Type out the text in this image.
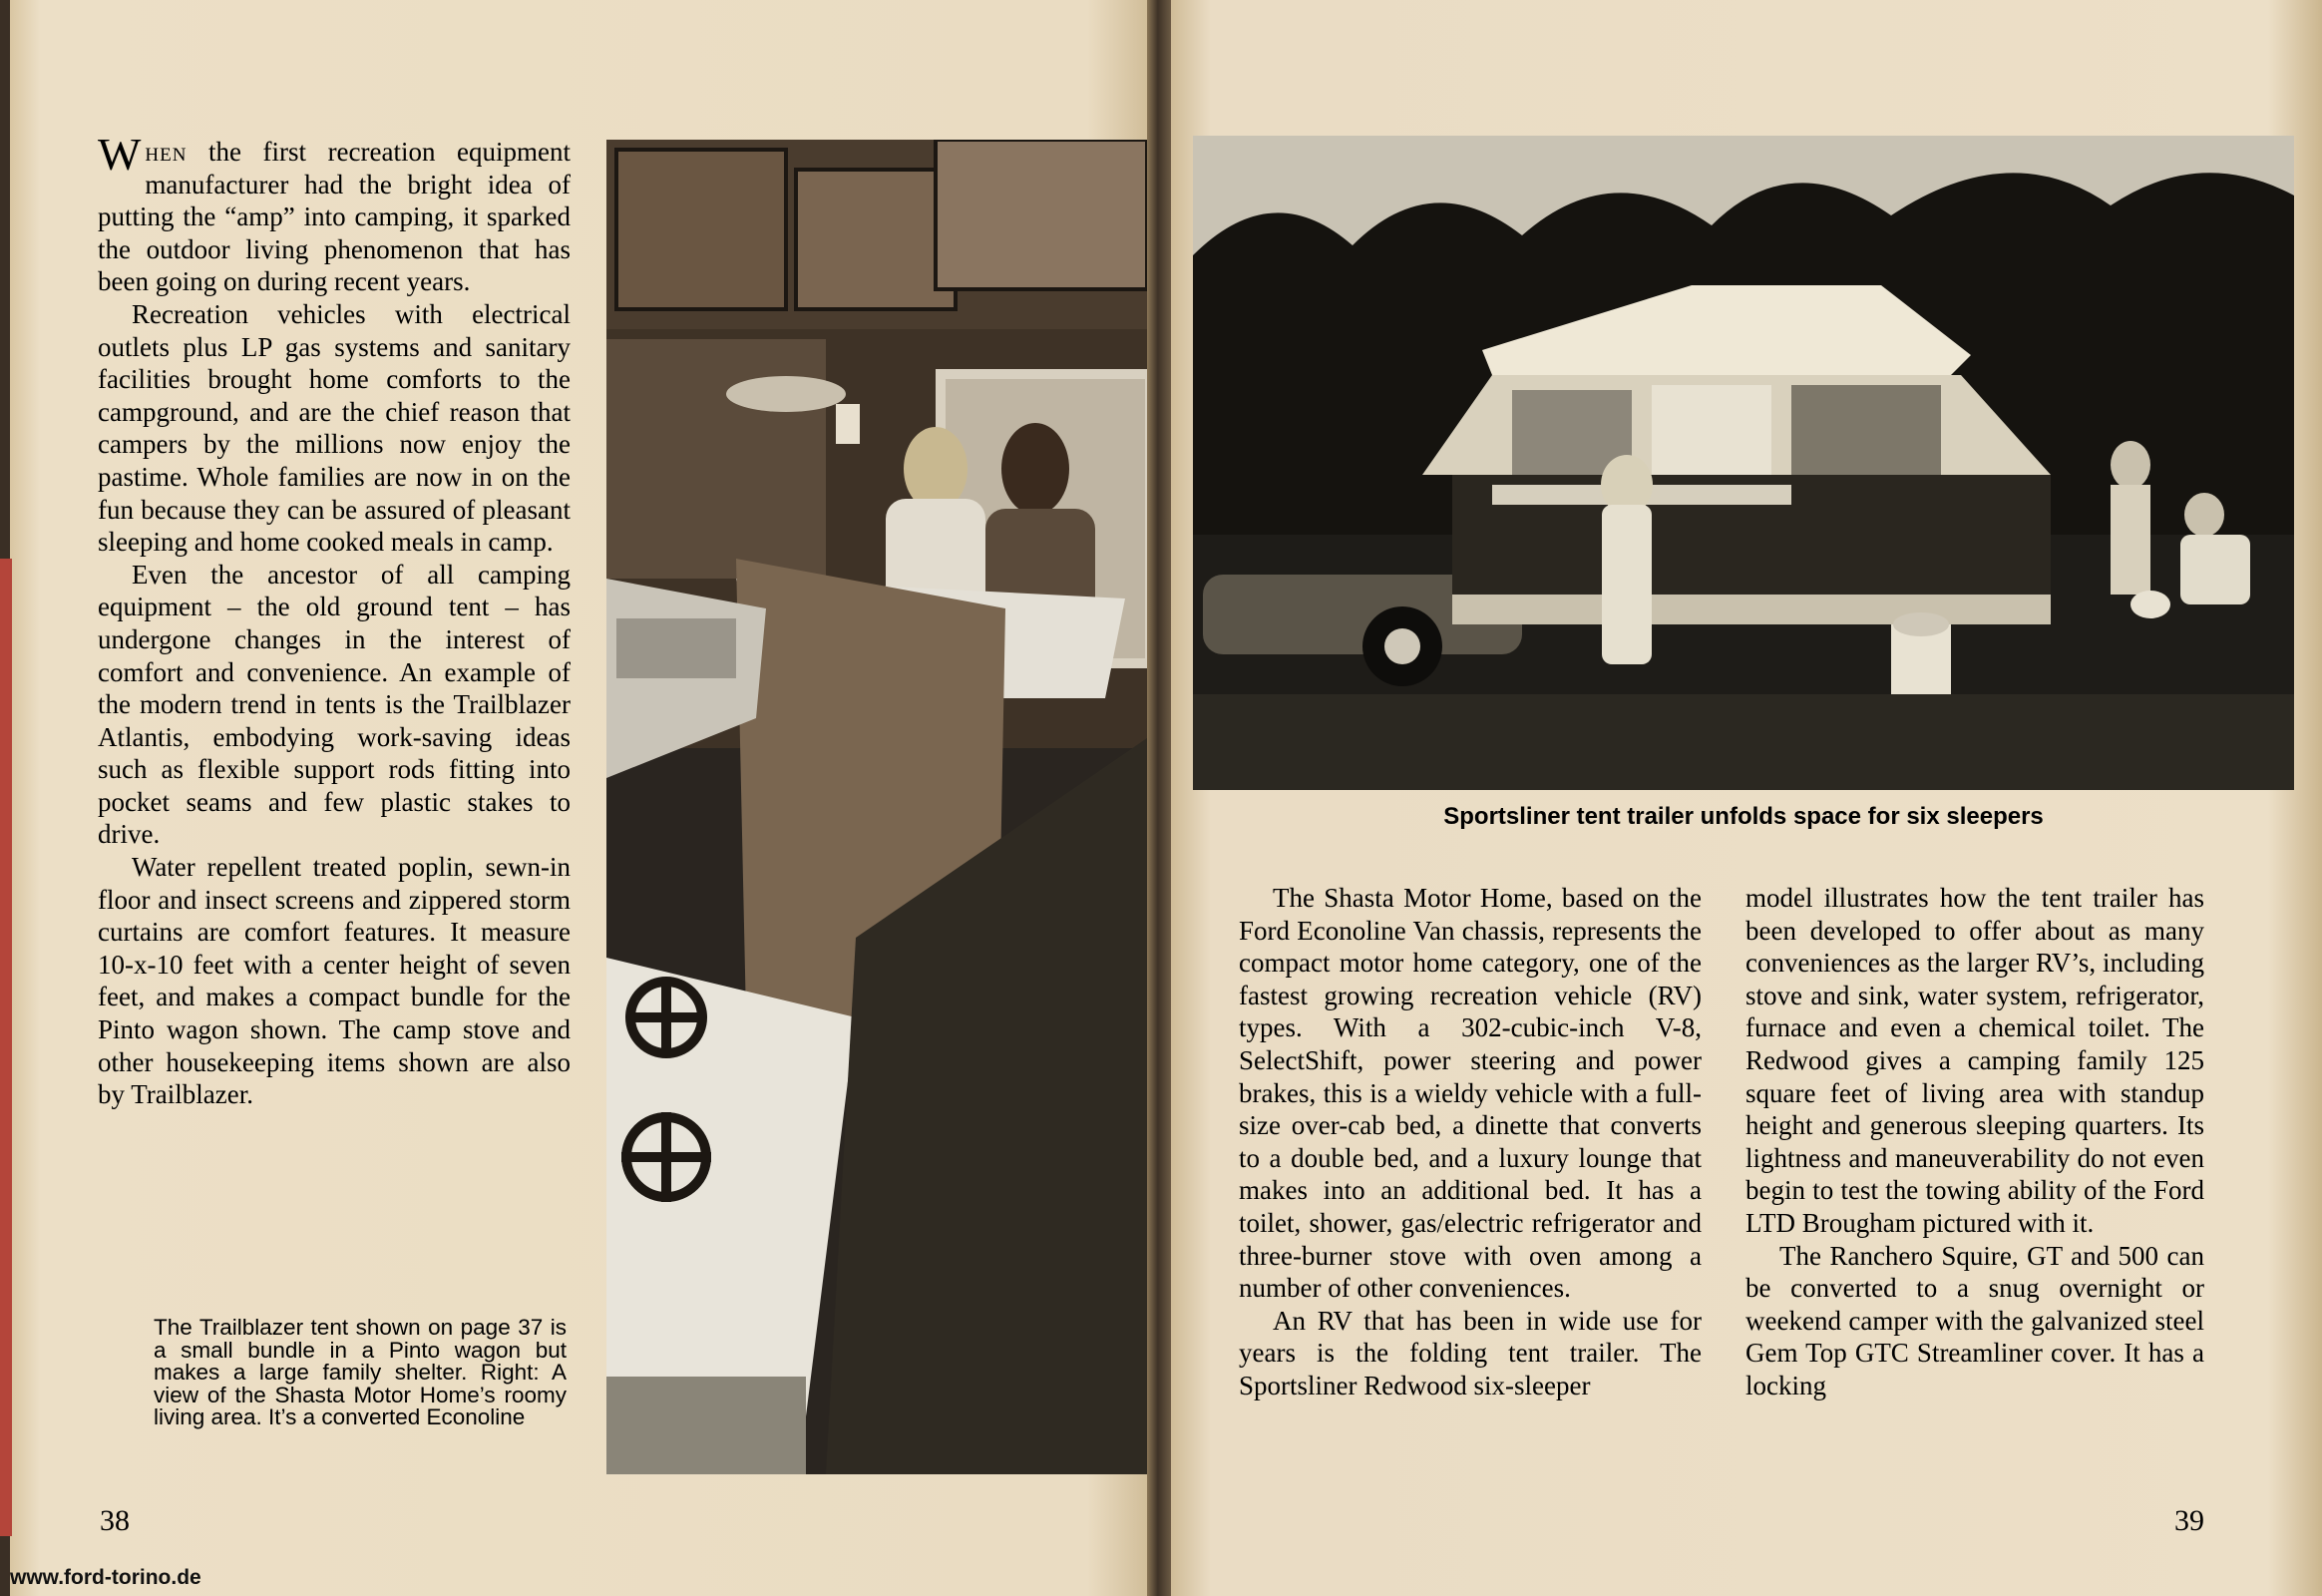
When the first recreation equipment manufacturer had the bright idea of putting the “amp” into camping, it sparked the outdoor living phenomenon that has been going on during recent years.

Recreation vehicles with electrical outlets plus LP gas systems and sanitary facilities brought home comforts to the campground, and are the chief reason that campers by the millions now enjoy the pastime. Whole families are now in on the fun because they can be assured of pleasant sleeping and home cooked meals in camp.

Even the ancestor of all camping equipment – the old ground tent – has undergone changes in the interest of comfort and convenience. An example of the modern trend in tents is the Trailblazer Atlantis, embodying work-saving ideas such as flexible support rods fitting into pocket seams and few plastic stakes to drive.

Water repellent treated poplin, sewn-in floor and insect screens and zippered storm curtains are comfort features. It measure 10-x-10 feet with a center height of seven feet, and makes a compact bundle for the Pinto wagon shown. The camp stove and other housekeeping items shown are also by Trailblazer.

The Trailblazer tent shown on page 37 is a small bundle in a Pinto wagon but makes a large family shelter. Right: A view of the Shasta Motor Home’s roomy living area. It’s a converted Econoline
Sportsliner tent trailer unfolds space for six sleepers

The Shasta Motor Home, based on the Ford Econoline Van chassis, represents the compact motor home category, one of the fastest growing recreation vehicle (RV) types. With a 302-cubic-inch V-8, SelectShift, power steering and power brakes, this is a wieldy vehicle with a full-size over-cab bed, a dinette that converts to a double bed, and a luxury lounge that makes into an additional bed. It has a toilet, shower, gas/electric refrigerator and three-burner stove with oven among a number of other conveniences.

An RV that has been in wide use for years is the folding tent trailer. The Sportsliner Redwood six-sleeper

model illustrates how the tent trailer has been developed to offer about as many conveniences as the larger RV’s, including stove and sink, water system, refrigerator, furnace and even a chemical toilet. The Redwood gives a camping family 125 square feet of living area with standup height and generous sleeping quarters. Its lightness and maneuverability do not even begin to test the towing ability of the Ford LTD Brougham pictured with it.

The Ranchero Squire, GT and 500 can be converted to a snug overnight or weekend camper with the galvanized steel Gem Top GTC Streamliner cover. It has a locking

38	39
www.ford-torino.de
